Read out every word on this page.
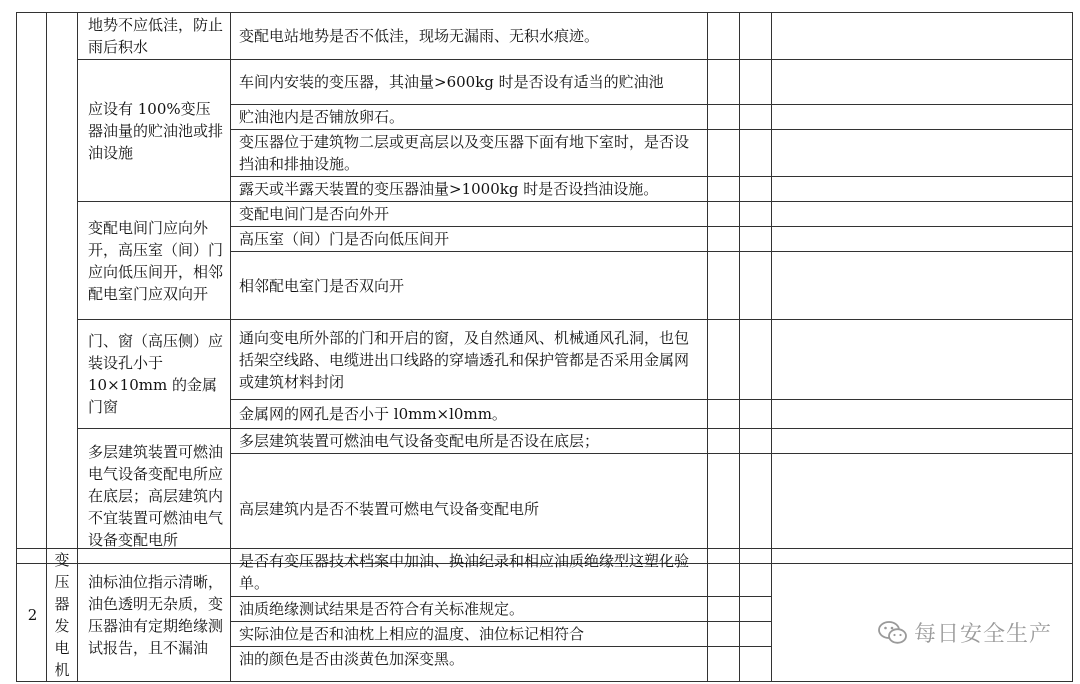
		地势不应低洼，防止雨后积水	变配电站地势是否不低洼，现场无漏雨、无积水痕迹。			
		应设有 100%变压器油量的贮油池或排油设施	车间内安装的变压器，其油量>600kg 时是否设有适当的贮油池			
			贮油池内是否铺放卵石。			
			变压器位于建筑物二层或更高层以及变压器下面有地下室时，是否设挡油和排抽设施。			
			露天或半露天装置的变压器油量>1000kg 时是否设挡油设施。			
		变配电间门应向外开，高压室（间）门应向低压间开，相邻配电室门应双向开	变配电间门是否向外开			
			高压室（间）门是否向低压间开			
			相邻配电室门是否双向开			
		门、窗（高压侧）应装设孔小于 10×10mm 的金属门窗	通向变电所外部的门和开启的窗，及自然通风、机械通风孔洞，也包括架空线路、电缆进出口线路的穿墙透孔和保护管都是否采用金属网或建筑材料封闭			
			金属网的网孔是否小于 l0mm×l0mm。			
		多层建筑装置可燃油电气设备变配电所应在底层；高层建筑内不宜装置可燃油电气设备变配电所	多层建筑装置可燃油电气设备变配电所是否设在底层；			
			高层建筑内是否不装置可燃电气设备变配电所			
2	变压器发电机	油标油位指示清晰，油色透明无杂质，变压器油有定期绝缘测试报告，且不漏油	是否有变压器技术档案中加油、换油纪录和相应油质绝缘型这塑化验单。			
			油质绝缘测试结果是否符合有关标准规定。			
			实际油位是否和油枕上相应的温度、油位标记相符合			
			油的颜色是否由淡黄色加深变黑。			
每日安全生产
